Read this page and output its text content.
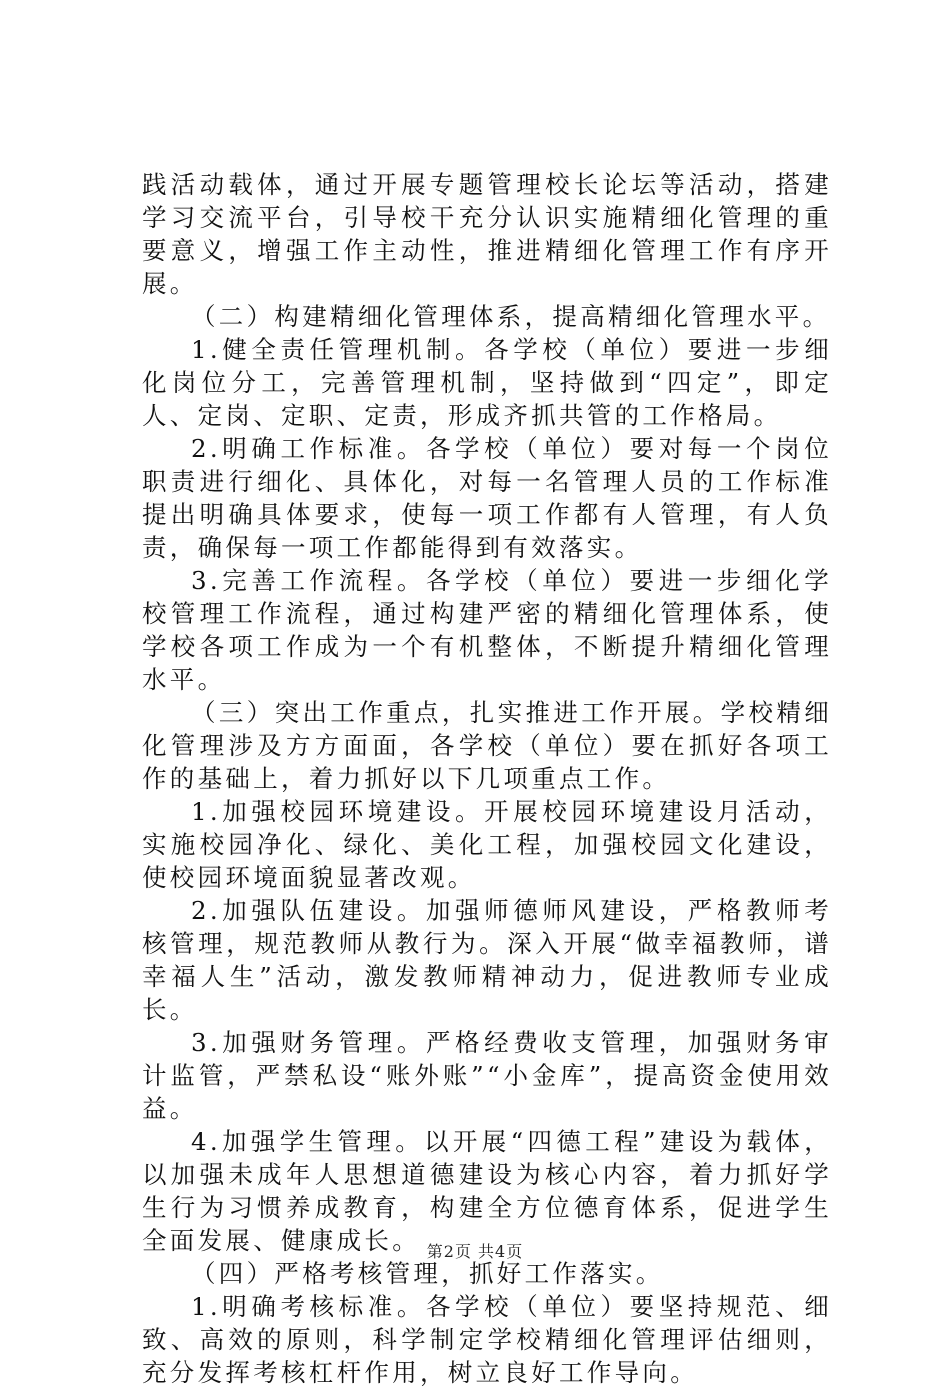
践活动载体，通过开展专题管理校长论坛等活动，搭建学习交流平台，引导校干充分认识实施精细化管理的重要意义，增强工作主动性，推进精细化管理工作有序开展。

（二）构建精细化管理体系，提高精细化管理水平。

1.健全责任管理机制。各学校（单位）要进一步细化岗位分工，完善管理机制，坚持做到“四定”，即定人、定岗、定职、定责，形成齐抓共管的工作格局。

2.明确工作标准。各学校（单位）要对每一个岗位职责进行细化、具体化，对每一名管理人员的工作标准提出明确具体要求，使每一项工作都有人管理，有人负责，确保每一项工作都能得到有效落实。

3.完善工作流程。各学校（单位）要进一步细化学校管理工作流程，通过构建严密的精细化管理体系，使学校各项工作成为一个有机整体，不断提升精细化管理水平。

（三）突出工作重点，扎实推进工作开展。学校精细化管理涉及方方面面，各学校（单位）要在抓好各项工作的基础上，着力抓好以下几项重点工作。

1.加强校园环境建设。开展校园环境建设月活动，实施校园净化、绿化、美化工程，加强校园文化建设，使校园环境面貌显著改观。

2.加强队伍建设。加强师德师风建设，严格教师考核管理，规范教师从教行为。深入开展“做幸福教师，谱幸福人生”活动，激发教师精神动力，促进教师专业成长。

3.加强财务管理。严格经费收支管理，加强财务审计监管，严禁私设“账外账”“小金库”，提高资金使用效益。

4.加强学生管理。以开展“四德工程”建设为载体，以加强未成年人思想道德建设为核心内容，着力抓好学生行为习惯养成教育，构建全方位德育体系，促进学生全面发展、健康成长。

（四）严格考核管理，抓好工作落实。

1.明确考核标准。各学校（单位）要坚持规范、细致、高效的原则，科学制定学校精细化管理评估细则，充分发挥考核杠杆作用，树立良好工作导向。

第2页 共4页
